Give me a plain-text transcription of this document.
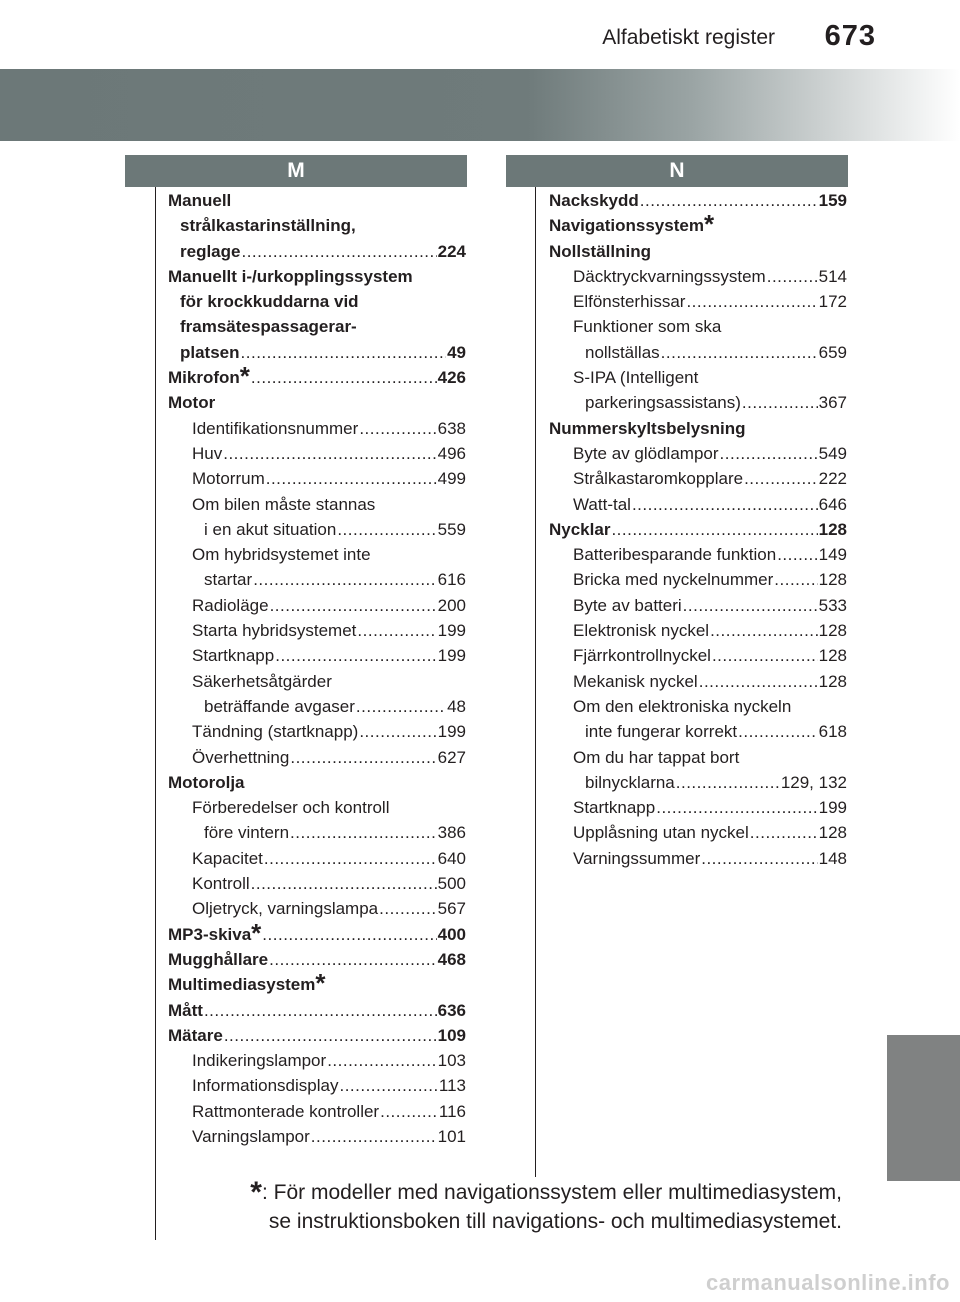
Alfabetiskt register 673
M	N
Manuell
strålkastarinställning,
reglage .....	224
Manuellt i-/urkopplingssystem
för krockkuddarna vid
framsätespassagerar-
platsen .....	49
Mikrofon* .....	426
Motor
Identifikationsnummer .....	638
Huv .....	496
Motorrum .....	499
Om bilen måste stannas
i en akut situation .....	559
Om hybridsystemet inte
startar .....	616
Radioläge .....	200
Starta hybridsystemet .....	199
Startknapp .....	199
Säkerhetsåtgärder
beträffande avgaser .....	48
Tändning (startknapp) .....	199
Överhettning .....	627
Motorolja
Förberedelser och kontroll
före vintern .....	386
Kapacitet .....	640
Kontroll .....	500
Oljetryck, varningslampa .....	567
MP3-skiva* .....	400
Mugghållare .....	468
Multimediasystem*
Mått .....	636
Mätare .....	109
Indikeringslampor .....	103
Informationsdisplay .....	113
Rattmonterade kontroller .....	116
Varningslampor .....	101
Nackskydd .....	159
Navigationssystem*
Nollställning
Däcktryckvarningssystem .....	514
Elfönsterhissar .....	172
Funktioner som ska
nollställas .....	659
S-IPA (Intelligent
parkeringsassistans) .....	367
Nummerskyltsbelysning
Byte av glödlampor .....	549
Strålkastaromkopplare .....	222
Watt-tal .....	646
Nycklar .....	128
Batteribesparande funktion ..... 149
Bricka med nyckelnummer .....	128
Byte av batteri .....	533
Elektronisk nyckel .....	128
Fjärrkontrollnyckel .....	128
Mekanisk nyckel .....	128
Om den elektroniska nyckeln
inte fungerar korrekt .....	618
Om du har tappat bort
bilnycklarna .....	129, 132
Startknapp .....	199
Upplåsning utan nyckel .....	128
Varningssummer .....	148
*: För modeller med navigationssystem eller multimediasystem,
se instruktionsboken till navigations- och multimediasystemet.
carmanualsonline.info
